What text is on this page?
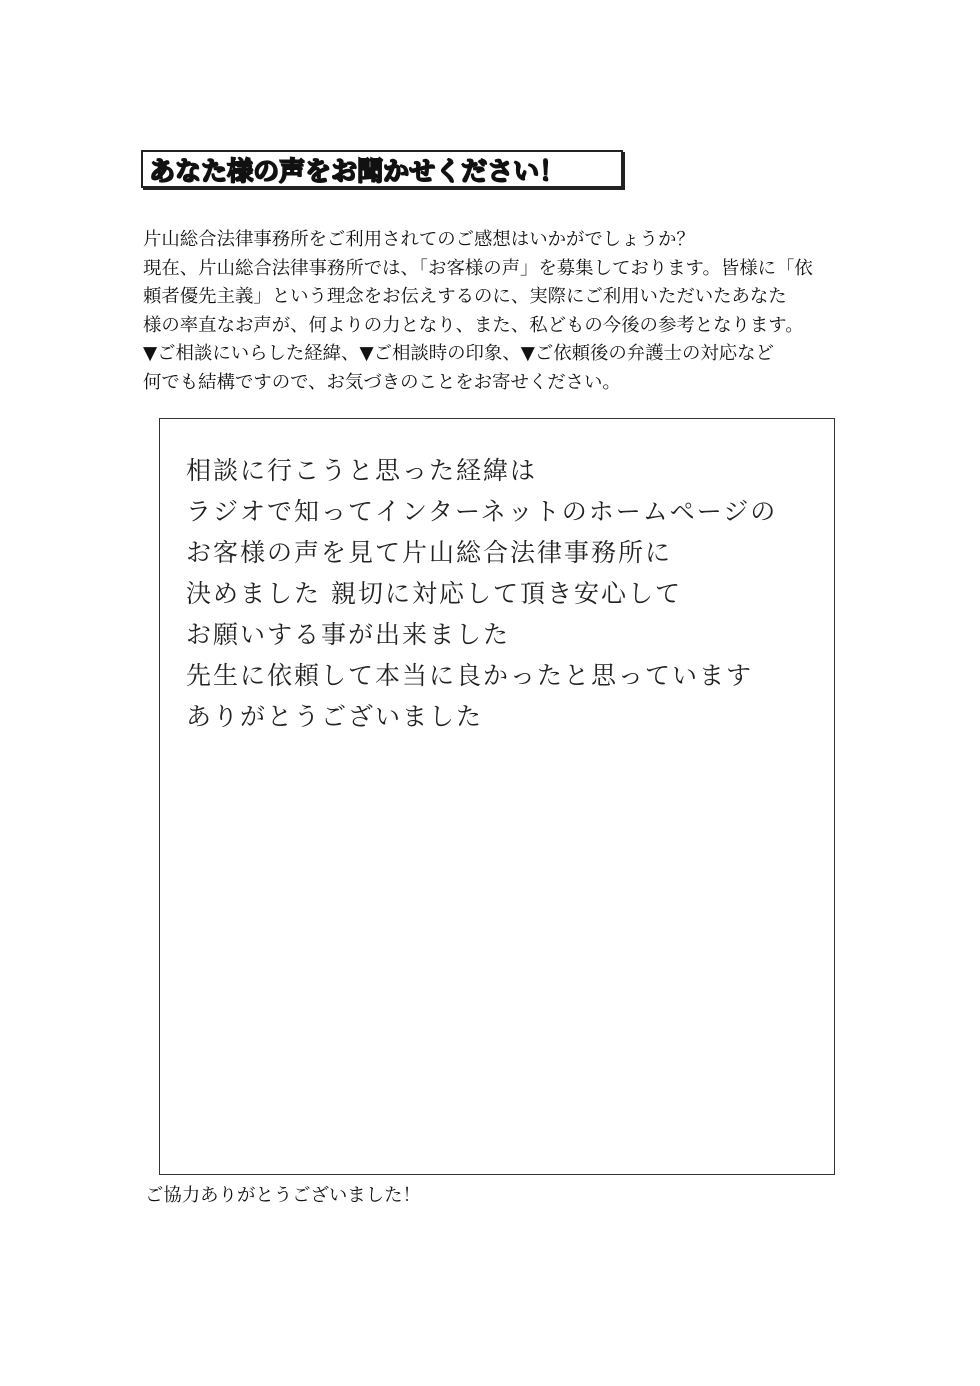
あなた様の声をお聞かせください！

片山総合法律事務所をご利用されてのご感想はいかがでしょうか？

現在、片山総合法律事務所では、「お客様の声」を募集しております。皆様に「依

頼者優先主義」という理念をお伝えするのに、実際にご利用いただいたあなた

様の率直なお声が、何よりの力となり、また、私どもの今後の参考となります。

▼ご相談にいらした経緯、▼ご相談時の印象、▼ご依頼後の弁護士の対応など

何でも結構ですので、お気づきのことをお寄せください。

相談に行こうと思った経緯は

ラジオで知ってインターネットのホームページの

お客様の声を見て片山総合法律事務所に

決めました 親切に対応して頂き安心して

お願いする事が出来ました

先生に依頼して本当に良かったと思っています

ありがとうございました

ご協力ありがとうございました！
